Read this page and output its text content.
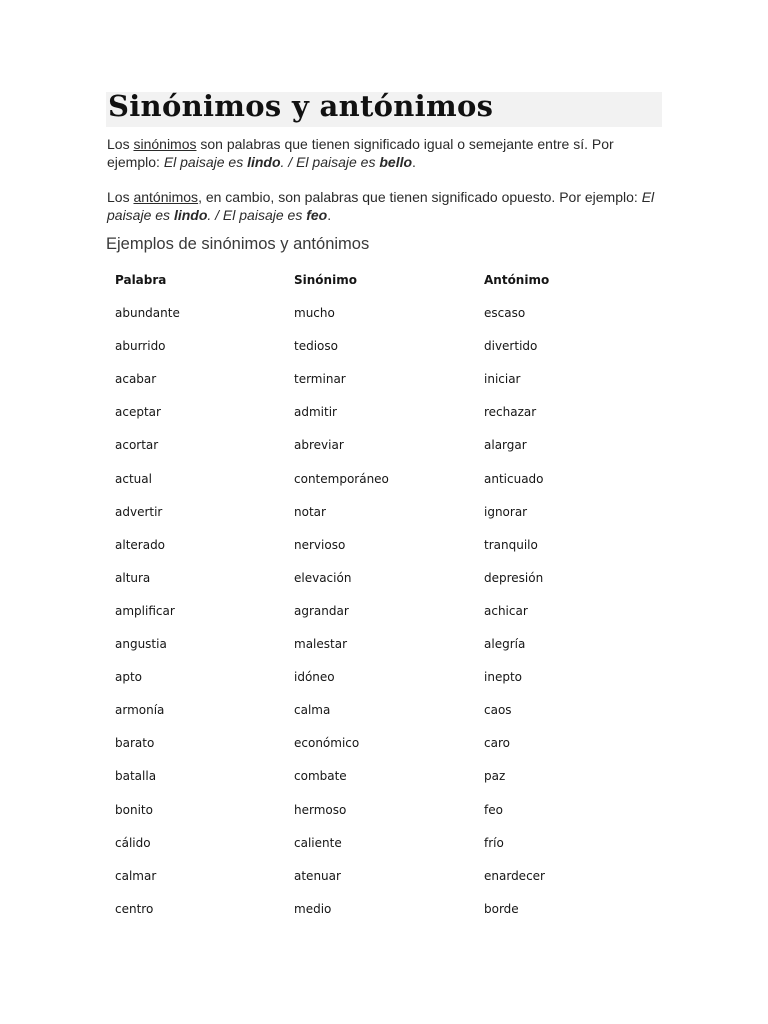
Sinónimos y antónimos

Los sinónimos son palabras que tienen significado igual o semejante entre sí. Por ejemplo: El paisaje es lindo. / El paisaje es bello.

Los antónimos, en cambio, son palabras que tienen significado opuesto. Por ejemplo: El paisaje es lindo. / El paisaje es feo.

Ejemplos de sinónimos y antónimos
Palabra	Sinónimo	Antónimo
abundante	mucho	escaso
aburrido	tedioso	divertido
acabar	terminar	iniciar
aceptar	admitir	rechazar
acortar	abreviar	alargar
actual	contemporáneo	anticuado
advertir	notar	ignorar
alterado	nervioso	tranquilo
altura	elevación	depresión
amplificar	agrandar	achicar
angustia	malestar	alegría
apto	idóneo	inepto
armonía	calma	caos
barato	económico	caro
batalla	combate	paz
bonito	hermoso	feo
cálido	caliente	frío
calmar	atenuar	enardecer
centro	medio	borde
